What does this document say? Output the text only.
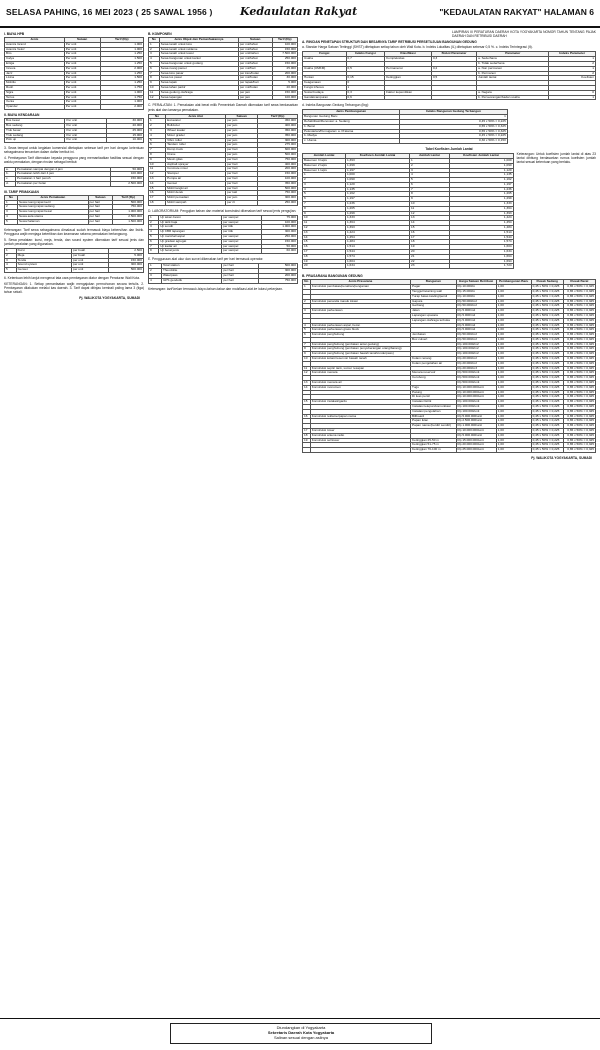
SELASA PAHING, 16 MEI 2023 ( 25 SAWAL 1956 ) Kedaulatan Rakyat	"KEDAULATAN RAKYAT" HALAMAN 6
I. BIAYA HPB
Jenis	Satuan	Tarif (Rp)
Avanza Grand	Per unit	1.000
Avanza Veloz	Per unit	1.000
Brio	Per unit	1.250
Calya	Per unit	1.500
Ertiga	Per unit	1.250
Innova	Per unit	2.000
Jazz	Per unit	1.250
Livina	Per unit	1.500
Mobilio	Per unit	1.250
Rush	Per unit	1.750
Sigra	Per unit	1.000
Terios	Per unit	1.750
Xenia	Per unit	1.000
Xpander	Per unit	2.000
II. BIAYA KENDARAAN
Bus besar	Per unit	30.000
Bus sedang	Per unit	20.000
Truk besar	Per unit	25.000
Truk sedang	Per unit	15.000
Pick up	Per unit	10.000
3. Sewa tempat untuk kegiatan komersial ditetapkan sebesar tarif per hari dengan ketentuan sebagaimana tercantum dalam daftar berikut ini.
4. Pembayaran Tarif dikenakan kepada pengguna yang memanfaatkan fasilitas sesuai dengan waktu pemakaian, dengan rincian sebagai berikut:
a.	Pemakaian sampai dengan 4 jam	50.000
b.	Pemakaian lebih dari 4 jam	100.000
c.	Pemakaian 1 hari penuh	150.000
d.	Pemakaian per bulan	2.500.000
III. TARIF PEMAKAIAN
No	Jenis Pemakaian	Satuan	Tarif (Rp)
1	Sewa ruang rapat kecil	per hari	500.000
2	Sewa ruang rapat sedang	per hari	750.000
3	Sewa ruang rapat besar	per hari	1.000.000
4	Sewa aula utama	per hari	2.500.000
5	Sewa halaman	per hari	1.500.000
Keterangan: Tarif sewa sebagaimana dimaksud sudah termasuk biaya kebersihan dan listrik. Pengguna wajib menjaga ketertiban dan keamanan selama pemakaian berlangsung.
5. Sewa peralatan: kursi, meja, tenda, dan sound system dikenakan tarif sesuai jenis dan jumlah peralatan yang digunakan.
1	Kursi	per buah	2.500
2	Meja	per buah	5.000
3	Tenda	per unit	150.000
4	Sound system	per unit	300.000
5	Genset	per unit	500.000
6. Ketentuan lebih lanjut mengenai tata cara pembayaran diatur dengan Peraturan Wali Kota.
KETERANGAN: 1. Setiap pemanfaatan wajib mengajukan permohonan secara tertulis. 2. Pembayaran dilakukan melalui kas daerah. 3. Tarif dapat ditinjau kembali paling lama 3 (tiga) tahun sekali.
Pj. WALIKOTA YOGYAKARTA, SUMADI
B. KOMPONEN
No	Jenis Objek dan Pemanfaatannya	Satuan	Tarif (Rp)
1	Sewa tanah untuk kios	per m2/tahun	100.000
2	Sewa tanah untuk reklame	per m2/tahun	150.000
3	Sewa tanah untuk tower	per unit/tahun	7.500.000
4	Sewa bangunan untuk kantor	per m2/tahun	250.000
5	Sewa bangunan untuk gudang	per m2/tahun	150.000
6	Sewa ruang pamer	per m2/hari	25.000
7	Sewa kios pasar	per kios/bulan	200.000
8	Sewa los pasar	per m2/bulan	30.000
9	Sewa lapak	per lapak/hari	5.000
10	Sewa lahan parkir	per m2/bulan	20.000
11	Sewa gedung olahraga	per jam	150.000
12	Sewa lapangan	per jam	100.000
C. PERALATAN: 1. Pemakaian alat berat milik Pemerintah Daerah dikenakan tarif sewa berdasarkan jenis alat dan lamanya pemakaian.
No	Jenis Alat	Satuan	Tarif (Rp)
1	Excavator	per jam	450.000
2	Bulldozer	per jam	400.000
3	Wheel loader	per jam	350.000
4	Motor grader	per jam	350.000
5	Vibro roller	per jam	300.000
6	Tandem roller	per jam	275.000
7	Dump truck	per hari	600.000
8	Crane	per jam	500.000
9	Mesin gilas	per hari	750.000
10	Asphalt sprayer	per hari	400.000
11	Concrete mixer	per hari	200.000
12	Stamper	per hari	150.000
13	Pompa air	per hari	100.000
14	Genset	per hari	350.000
15	Mobil tangki air	per hari	500.000
16	Mobil derek	per kali	750.000
17	Mobil pemadam	per jam	300.000
18	Mobil sampah	per rit	250.000
D. LABORATORIUM: Pengujian bahan dan material konstruksi dikenakan tarif sesuai jenis pengujian.
1	Uji tekan beton	per sampel	75.000
2	Uji tarik baja	per sampel	100.000
3	Uji sondir	per titik	1.000.000
4	Uji CBR lapangan	per titik	300.000
5	Uji marshall aspal	per sampel	250.000
6	Uji gradasi agregat	per sampel	150.000
7	Uji kadar air	per sampel	50.000
8	Uji berat jenis	per sampel	60.000
E. Penggunaan alat ukur dan survei dikenakan tarif per hari termasuk operator.
1	Total station	per hari	500.000
2	Theodolite	per hari	300.000
3	Waterpass	per hari	200.000
4	GPS geodetik	per hari	750.000
Keterangan: tarif belum termasuk biaya bahan bakar dan mobilisasi alat ke lokasi pekerjaan.
LAMPIRAN III PERATURAN DAERAH KOTA YOGYAKARTA NOMOR TAHUN TENTANG PAJAK DAERAH DAN RETRIBUSI DAERAH
A. RINCIAN PENETAPAN STRUKTUR DAN BESARNYA TARIF RETRIBUSI PERSETUJUAN BANGUNAN GEDUNG
a. Standar Harga Satuan Tertinggi (SHST) ditetapkan setiap tahun oleh Wali Kota. b. Indeks Lokalitas (IL) ditetapkan sebesar 0,5 %. c. Indeks Terintegrasi (It).
Fungsi	Indeks Fungsi	Klasifikasi	Bobot Parameter	Parameter	Indeks Parameter
Usaha	0,7	Kompleksitas	0,3	a. Sederhana	1
				b. Tidak sederhana	2
Usaha (UMKM)	0,5	Permanensi	0,2	a. Non permanen	1
				b. Permanen	2
Hunian	0,15	Ketinggian	0,5	Jumlah lantai	Koefisien
Keagamaan	0				
Fungsi khusus	1				
Sosial budaya	0,3	Faktor kepemilikan		a. Negara	0
Ganda/campuran	0,6			b. Perseorangan/badan usaha	1
d. Indeks Bangunan Gedung Terbangun (Ibg):
Jenis Pembangunan	Indeks Bangunan Gedung Terbangun
Bangunan Gedung Baru	1
Rehabilitasi/Renovasi: a. Sedang	0,45 x 50% = 0,225
b. Berat	0,65 x 50% = 0,325
Pelestarian/Pemugaran: a. Pratama	0,65 x 50% = 0,325
b. Madya	0,45 x 50% = 0,225
c. Utama	0,30 x 50% = 0,150
Tabel Koefisien Jumlah Lantai
Jumlah Lantai	Koefisien Jumlah Lantai	Jumlah Lantai	Koefisien Jumlah Lantai
Basemen 3 lapis	1,393	1	1,000
Basemen 2 lapis	1,299	2	1,090
Basemen 1 lapis	1,197	3	1,120
1	1,000	4	1,135
2	1,090	5	1,162
3	1,120	6	1,197
4	1,135	7	1,236
5	1,162	8	1,265
6	1,197	9	1,299
7	1,236	10	1,333
8	1,265	11	1,364
9	1,299	12	1,393
10	1,333	13	1,424
11	1,364	14	1,454
12	1,393	15	1,484
13	1,424	16	1,514
14	1,454	17	1,544
15	1,484	18	1,574
16	1,514	19	1,604
17	1,544	20	1,634
18	1,574	21	1,664
19	1,604	22	1,694
20	1,634	23	1,724
Keterangan: Untuk koefisien jumlah lantai di atas 23 lantai dihitung berdasarkan rumus koefisien jumlah lantai sesuai ketentuan yang berlaku.
B. PRASARANA BANGUNAN GEDUNG
No	Jenis Prasarana	Bangunan	Harga Satuan Retribusi	Pembangunan Baru	Rusak Sedang	Rusak Berat
1	Konstruksi pembatas/penahan/pengaman	Pagar	Rp 10.000/m	1,00	0,45 x 50% = 0,225	0,65 x 50% = 0,325
		Tanggul/retaining wall	Rp 15.000/m	1,00	0,45 x 50% = 0,225	0,65 x 50% = 0,325
		Turap batas kavling/persil	Rp 10.000/m	1,00	0,45 x 50% = 0,225	0,65 x 50% = 0,325
2	Konstruksi penanda masuk lokasi	Gapura	Rp 50.000/m2	1,00	0,45 x 50% = 0,225	0,65 x 50% = 0,325
		Gerbang	Rp 50.000/m2	1,00	0,45 x 50% = 0,225	0,65 x 50% = 0,325
3	Konstruksi perkerasan	Jalan	Rp 5.000/m2	1,00	0,45 x 50% = 0,225	0,65 x 50% = 0,325
		Lapangan upacara	Rp 5.000/m2	1,00	0,45 x 50% = 0,225	0,65 x 50% = 0,325
		Lapangan olahraga terbuka	Rp 5.000/m2	1,00	0,45 x 50% = 0,225	0,65 x 50% = 0,325
4	Konstruksi perkerasan aspal, beton		Rp 5.000/m2	1,00	0,45 x 50% = 0,225	0,65 x 50% = 0,325
5	Konstruksi perkerasan grass block		Rp 5.000/m2	1,00	0,45 x 50% = 0,225	0,65 x 50% = 0,325
6	Konstruksi penghubung	Jembatan	Rp 50.000/m2	1,00	0,45 x 50% = 0,225	0,65 x 50% = 0,325
		Box culvert	Rp 50.000/m2	1,00	0,45 x 50% = 0,225	0,65 x 50% = 0,325
7	Konstruksi penghubung (jembatan antar gedung)		Rp 100.000/m2	1,00	0,45 x 50% = 0,225	0,65 x 50% = 0,325
8	Konstruksi penghubung (jembatan penyeberangan orang/barang)		Rp 100.000/m2	1,00	0,45 x 50% = 0,225	0,65 x 50% = 0,325
9	Konstruksi penghubung (jembatan bawah tanah/underpass)		Rp 100.000/m2	1,00	0,45 x 50% = 0,225	0,65 x 50% = 0,325
10	Konstruksi kolam/reservoir bawah tanah	Kolam renang	Rp 20.000/m2	1,00	0,45 x 50% = 0,225	0,65 x 50% = 0,325
		Kolam pengolahan air	Rp 20.000/m2	1,00	0,45 x 50% = 0,225	0,65 x 50% = 0,325
11	Konstruksi septic tank, sumur resapan		Rp 20.000/m3	1,00	0,45 x 50% = 0,225	0,65 x 50% = 0,325
12	Konstruksi menara	Menara reservoir	Rp 500.000/unit	1,00	0,45 x 50% = 0,225	0,65 x 50% = 0,325
		Cerobong	Rp 500.000/unit	1,00	0,45 x 50% = 0,225	0,65 x 50% = 0,325
13	Konstruksi menara air		Rp 500.000/unit	1,00	0,45 x 50% = 0,225	0,65 x 50% = 0,325
14	Konstruksi monumen	Tugu	Rp 10.000.000/unit	1,00	0,45 x 50% = 0,225	0,65 x 50% = 0,325
		Patung	Rp 10.000.000/unit	1,00	0,45 x 50% = 0,225	0,65 x 50% = 0,325
		Di luas persil	Rp 10.000.000/unit	1,00	0,45 x 50% = 0,225	0,65 x 50% = 0,325
15	Konstruksi instalasi/gardu	Instalasi listrik	Rp 100.000/unit	1,00	0,45 x 50% = 0,225	0,65 x 50% = 0,325
		Instalasi telepon/komunikasi	Rp 100.000/unit	1,00	0,45 x 50% = 0,225	0,65 x 50% = 0,325
		Instalasi pengolahan	Rp 100.000/unit	1,00	0,45 x 50% = 0,225	0,65 x 50% = 0,325
16	Konstruksi reklame/papan nama	Billboard	Rp 5.000.000/unit	1,00	0,45 x 50% = 0,225	0,65 x 50% = 0,325
		Papan iklan	Rp 2.500.000/unit	1,00	0,45 x 50% = 0,225	0,65 x 50% = 0,325
		Papan nama (berdiri sendiri)	Rp 1.000.000/unit	1,00	0,45 x 50% = 0,225	0,65 x 50% = 0,325
17	Konstruksi tower		Rp 10.000.000/unit	1,00	0,45 x 50% = 0,225	0,65 x 50% = 0,325
18	Konstruksi antena radio		Rp 5.000.000/unit	1,00	0,45 x 50% = 0,225	0,65 x 50% = 0,325
19	Konstruksi sel/tower	Ketinggian 25-50 m	Rp 15.000.000/unit	1,00	0,45 x 50% = 0,225	0,65 x 50% = 0,325
		Ketinggian 51-75 m	Rp 20.000.000/unit	1,00	0,45 x 50% = 0,225	0,65 x 50% = 0,325
		Ketinggian 76-100 m	Rp 25.000.000/unit	1,00	0,45 x 50% = 0,225	0,65 x 50% = 0,325
Pj. WALIKOTA YOGYAKARTA, SUMADI
Diundangkan di Yogyakarta
Sekretaris Daerah Kota Yogyakarta
Salinan sesuai dengan aslinya
